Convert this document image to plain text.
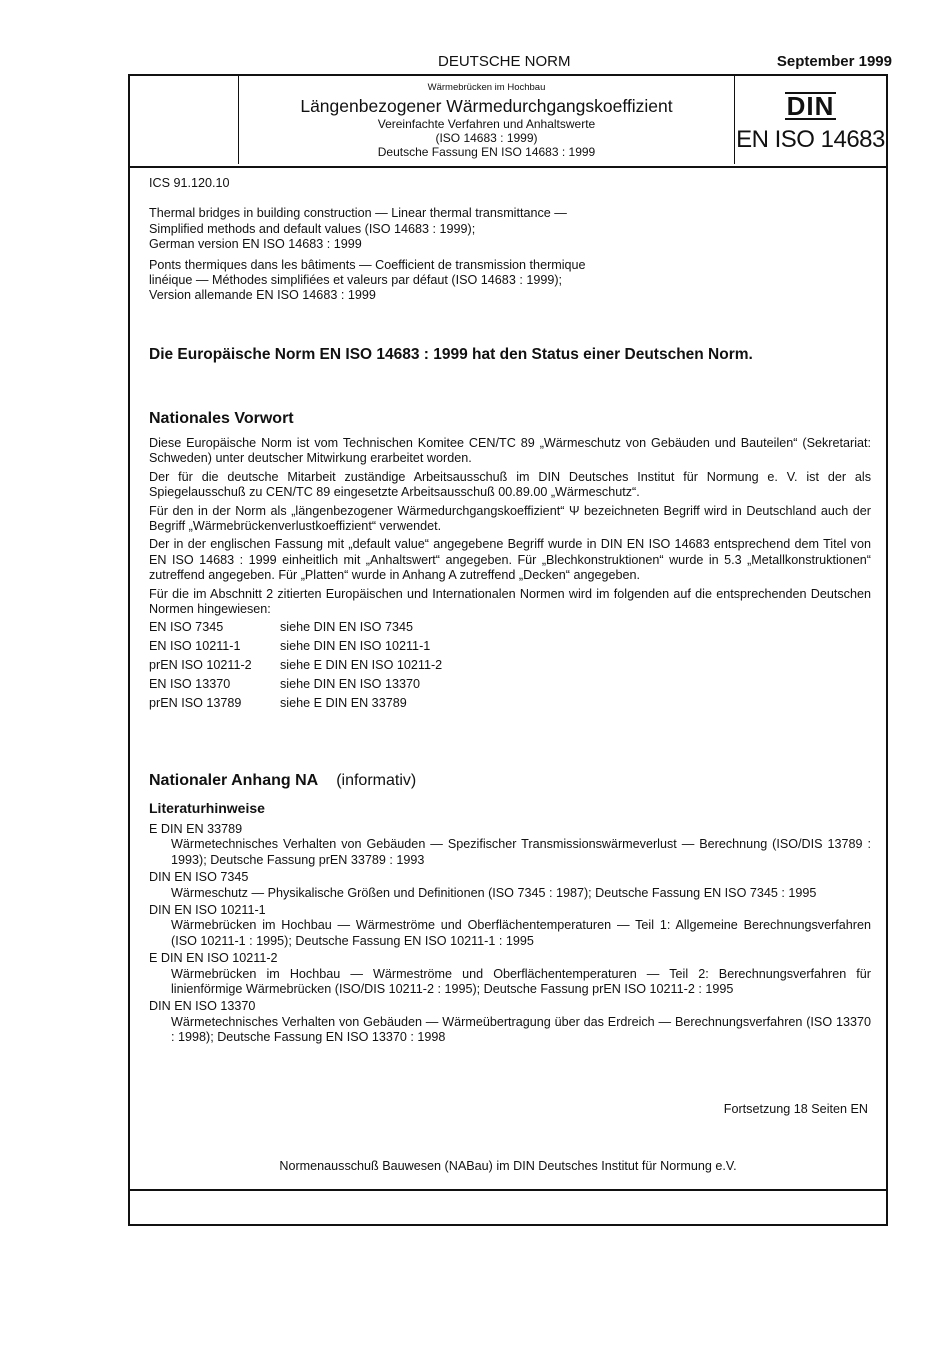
DEUTSCHE NORM	September 1999
Wärmebrücken im Hochbau
Längenbezogener Wärmedurchgangskoeffizient
Vereinfachte Verfahren und Anhaltswerte
(ISO 14683 : 1999)
Deutsche Fassung EN ISO 14683 : 1999
DIN
EN ISO 14683

ICS 91.120.10

Thermal bridges in building construction — Linear thermal transmittance —

Simplified methods and default values (ISO 14683 : 1999);

German version EN ISO 14683 : 1999

Ponts thermiques dans les bâtiments — Coefficient de transmission thermique

linéique — Méthodes simplifiées et valeurs par défaut (ISO 14683 : 1999);

Version allemande EN ISO 14683 : 1999

Die Europäische Norm EN ISO 14683 : 1999 hat den Status einer Deutschen Norm.
Nationales Vorwort

Diese Europäische Norm ist vom Technischen Komitee CEN/TC 89 „Wärmeschutz von Gebäuden und Bauteilen“ (Sekretariat: Schweden) unter deutscher Mitwirkung erarbeitet worden.

Der für die deutsche Mitarbeit zuständige Arbeitsausschuß im DIN Deutsches Institut für Normung e. V. ist der als Spiegelausschuß zu CEN/TC 89 eingesetzte Arbeitsausschuß 00.89.00 „Wärmeschutz“.

Für den in der Norm als „längenbezogener Wärmedurchgangskoeffizient“ Ψ bezeichneten Begriff wird in Deutschland auch der Begriff „Wärmebrückenverlustkoeffizient“ verwendet.

Der in der englischen Fassung mit „default value“ angegebene Begriff wurde in DIN EN ISO 14683 entsprechend dem Titel von EN ISO 14683 : 1999 einheitlich mit „Anhaltswert“ angegeben. Für „Blechkonstruktionen“ wurde in 5.3 „Metallkonstruktionen“ zutreffend angegeben. Für „Platten“ wurde in Anhang A zutreffend „Decken“ angegeben.

Für die im Abschnitt 2 zitierten Europäischen und Internationalen Normen wird im folgenden auf die entsprechenden Deutschen Normen hingewiesen:

EN ISO 7345	siehe DIN EN ISO 7345
EN ISO 10211-1	siehe DIN EN ISO 10211-1
prEN ISO 10211-2 siehe E DIN EN ISO 10211-2
EN ISO 13370	siehe DIN EN ISO 13370
prEN ISO 13789	siehe E DIN EN 33789
Nationaler Anhang NA (informativ)
Literaturhinweise
E DIN EN 33789
Wärmetechnisches Verhalten von Gebäuden — Spezifischer Transmissionswärmeverlust — Berechnung (ISO/DIS 13789 : 1993); Deutsche Fassung prEN 33789 : 1993
DIN EN ISO 7345
Wärmeschutz — Physikalische Größen und Definitionen (ISO 7345 : 1987); Deutsche Fassung EN ISO 7345 : 1995
DIN EN ISO 10211-1
Wärmebrücken im Hochbau — Wärmeströme und Oberflächentemperaturen — Teil 1: Allgemeine Berechnungsverfahren (ISO 10211-1 : 1995); Deutsche Fassung EN ISO 10211-1 : 1995
E DIN EN ISO 10211-2
Wärmebrücken im Hochbau — Wärmeströme und Oberflächentemperaturen — Teil 2: Berechnungsverfahren für linienförmige Wärmebrücken (ISO/DIS 10211-2 : 1995); Deutsche Fassung prEN ISO 10211-2 : 1995
DIN EN ISO 13370
Wärmetechnisches Verhalten von Gebäuden — Wärmeübertragung über das Erdreich — Berechnungsverfahren (ISO 13370 : 1998); Deutsche Fassung EN ISO 13370 : 1998
Fortsetzung 18 Seiten EN
Normenausschuß Bauwesen (NABau) im DIN Deutsches Institut für Normung e.V.
